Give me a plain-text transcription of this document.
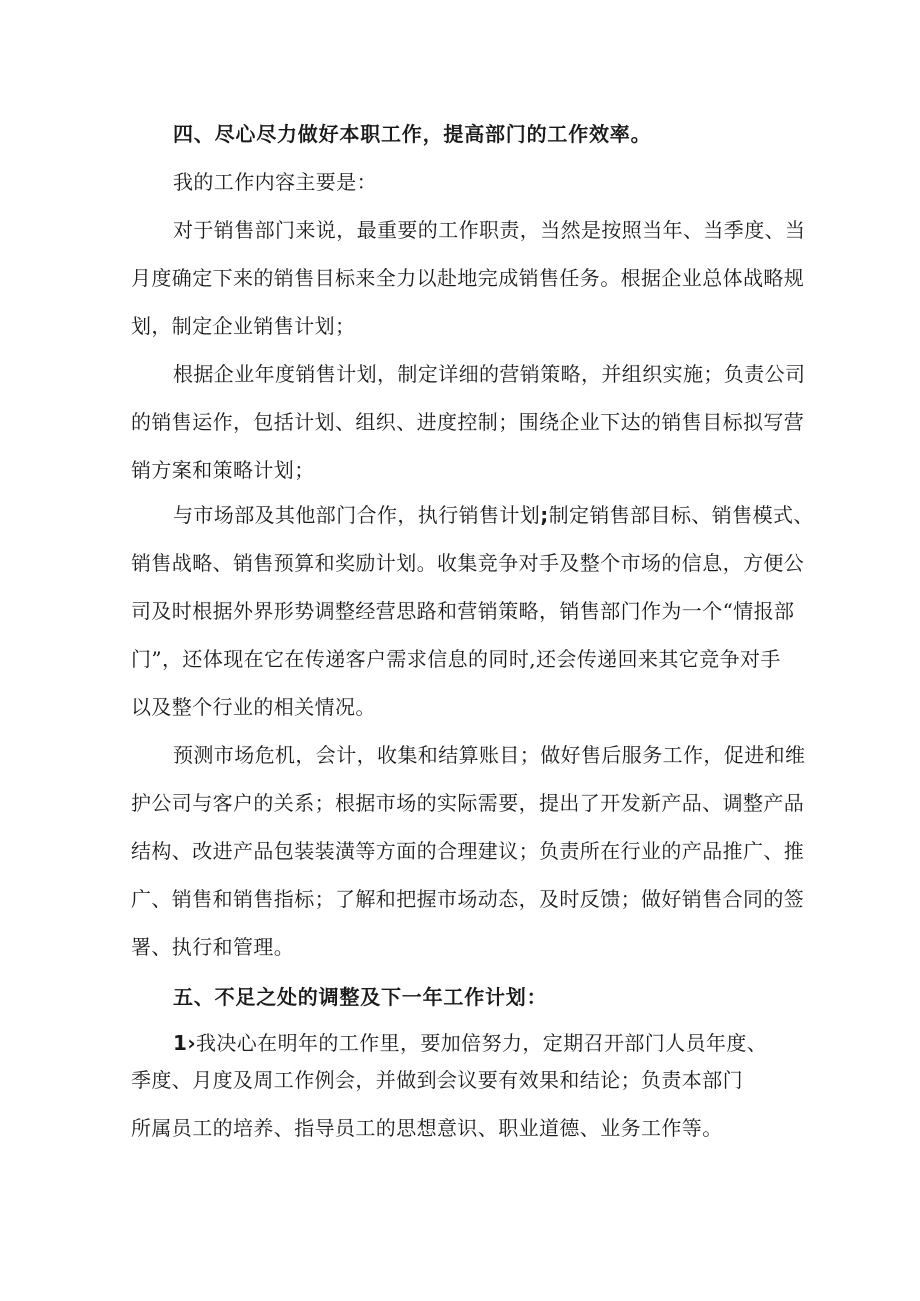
四、尽心尽力做好本职工作，提高部门的工作效率。
我的工作内容主要是：
对于销售部门来说，最重要的工作职责，当然是按照当年、当季度、当
月度确定下来的销售目标来全力以赴地完成销售任务。根据企业总体战略规
划，制定企业销售计划；
根据企业年度销售计划，制定详细的营销策略，并组织实施；负责公司
的销售运作，包括计划、组织、进度控制；围绕企业下达的销售目标拟写营
销方案和策略计划；
与市场部及其他部门合作，执行销售计划;制定销售部目标、销售模式、
销售战略、销售预算和奖励计划。收集竞争对手及整个市场的信息，方便公
司及时根据外界形势调整经营思路和营销策略，销售部门作为一个“情报部
门”，还体现在它在传递客户需求信息的同时,还会传递回来其它竞争对手
以及整个行业的相关情况。
预测市场危机，会计，收集和结算账目；做好售后服务工作，促进和维
护公司与客户的关系；根据市场的实际需要，提出了开发新产品、调整产品
结构、改进产品包装装潢等方面的合理建议；负责所在行业的产品推广、推
广、销售和销售指标；了解和把握市场动态，及时反馈；做好销售合同的签
署、执行和管理。
五、不足之处的调整及下一年工作计划：
1›我决心在明年的工作里，要加倍努力，定期召开部门人员年度、
季度、月度及周工作例会，并做到会议要有效果和结论；负责本部门
所属员工的培养、指导员工的思想意识、职业道德、业务工作等。
